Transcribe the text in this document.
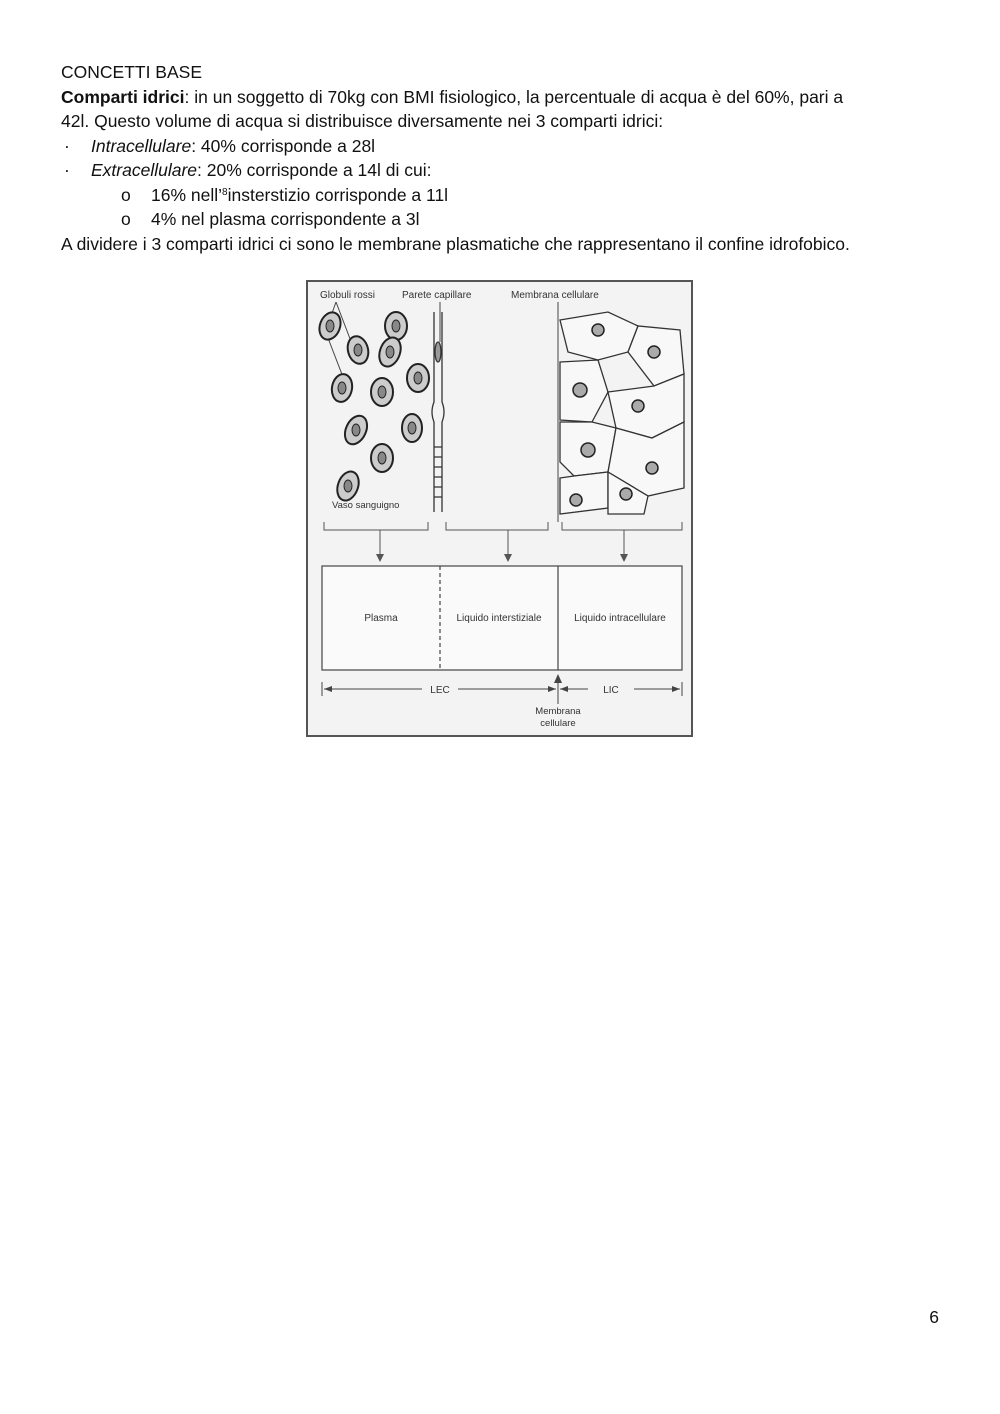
CONCETTI BASE
Comparti idrici: in un soggetto di 70kg con BMI fisiologico, la percentuale di acqua è del 60%, pari a
42l. Questo volume di acqua si distribuisce diversamente nei 3 comparti idrici:
· Intracellulare: 40% corrisponde a 28l
· Extracellulare: 20% corrisponde a 14l di cui:
o 16% nell’$^8$insterstizio corrisponde a 11l
o 4% nel plasma corrispondente a 3l
A dividere i 3 comparti idrici ci sono le membrane plasmatiche che rappresentano il confine idrofobico.
Globuli rossi	Parete capillare	Membrana cellulare
Vaso sanguigno
Plasma	Liquido interstiziale	Liquido intracellulare
LEC	LIC
Membrana
cellulare
6
